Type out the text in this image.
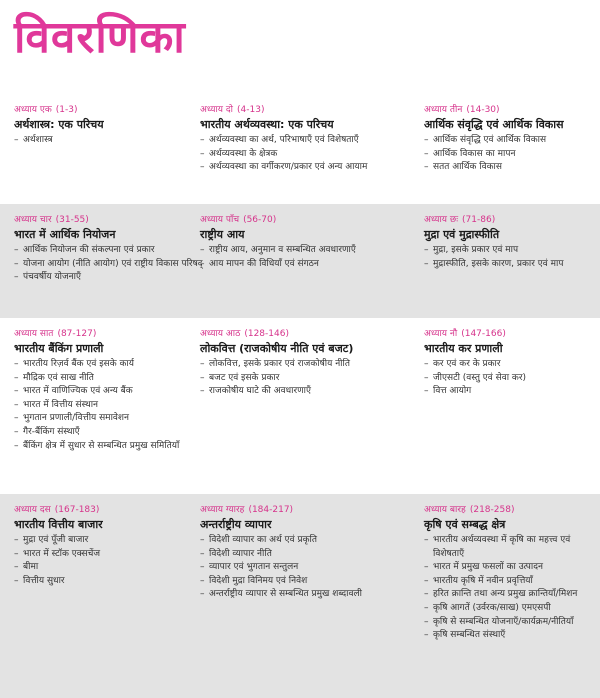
विवरणिका
अध्याय एक (1-3)
अर्थशास्त्र: एक परिचय
– अर्थशास्त्र
अध्याय दो (4-13)
भारतीय अर्थव्यवस्था: एक परिचय
– अर्थव्यवस्था का अर्थ, परिभाषाएँ एवं विशेषताएँ
– अर्थव्यवस्था के क्षेत्रक
– अर्थव्यवस्था का वर्गीकरण/प्रकार एवं अन्य आयाम
अध्याय तीन (14-30)
आर्थिक संवृद्धि एवं आर्थिक विकास
– आर्थिक संवृद्धि एवं आर्थिक विकास
– आर्थिक विकास का मापन
– सतत आर्थिक विकास
अध्याय चार (31-55)
भारत में आर्थिक नियोजन
– आर्थिक नियोजन की संकल्पना एवं प्रकार
– योजना आयोग (नीति आयोग) एवं राष्ट्रीय विकास परिषद्
– पंचवर्षीय योजनाएँ
अध्याय पाँच (56-70)
राष्ट्रीय आय
– राष्ट्रीय आय, अनुमान व सम्बन्धित अवधारणाएँ
– आय मापन की विधियाँ एवं संगठन
अध्याय छः (71-86)
मुद्रा एवं मुद्रास्फीति
– मुद्रा, इसके प्रकार एवं माप
– मुद्रास्फीति, इसके कारण, प्रकार एवं माप
अध्याय सात (87-127)
भारतीय बैंकिंग प्रणाली
– भारतीय रिज़र्व बैंक एवं इसके कार्य
– मौद्रिक एवं साख नीति
– भारत में वाणिज्यिक एवं अन्य बैंक
– भारत में वित्तीय संस्थान
– भुगतान प्रणाली/वित्तीय समावेशन
– गैर-बैंकिंग संस्थाएँ
– बैंकिंग क्षेत्र में सुधार से सम्बन्धित प्रमुख समितियाँ
अध्याय आठ (128-146)
लोकवित्त (राजकोषीय नीति एवं बजट)
– लोकवित्त, इसके प्रकार एवं राजकोषीय नीति
– बजट एवं इसके प्रकार
– राजकोषीय घाटे की अवधारणाएँ
अध्याय नौ (147-166)
भारतीय कर प्रणाली
– कर एवं कर के प्रकार
– जीएसटी (वस्तु एवं सेवा कर)
– वित्त आयोग
अध्याय दस (167-183)
भारतीय वित्तीय बाजार
– मुद्रा एवं पूँजी बाजार
– भारत में स्टॉक एक्सचेंज
– बीमा
– वित्तीय सुधार
अध्याय ग्यारह (184-217)
अन्तर्राष्ट्रीय व्यापार
– विदेशी व्यापार का अर्थ एवं प्रकृति
– विदेशी व्यापार नीति
– व्यापार एवं भुगतान सन्तुलन
– विदेशी मुद्रा विनिमय एवं निवेश
– अन्तर्राष्ट्रीय व्यापार से सम्बन्धित प्रमुख शब्दावली
अध्याय बारह (218-258)
कृषि एवं सम्बद्ध क्षेत्र
– भारतीय अर्थव्यवस्था में कृषि का महत्त्व एवं विशेषताएँ
– भारत में प्रमुख फसलों का उत्पादन
– भारतीय कृषि में नवीन प्रवृत्तियाँ
– हरित क्रान्ति तथा अन्य प्रमुख क्रान्तियाँ/मिशन
– कृषि आगतें (उर्वरक/साख) एमएसपी
– कृषि से सम्बन्धित योजनाएँ/कार्यक्रम/नीतियाँ
– कृषि सम्बन्धित संस्थाएँ
